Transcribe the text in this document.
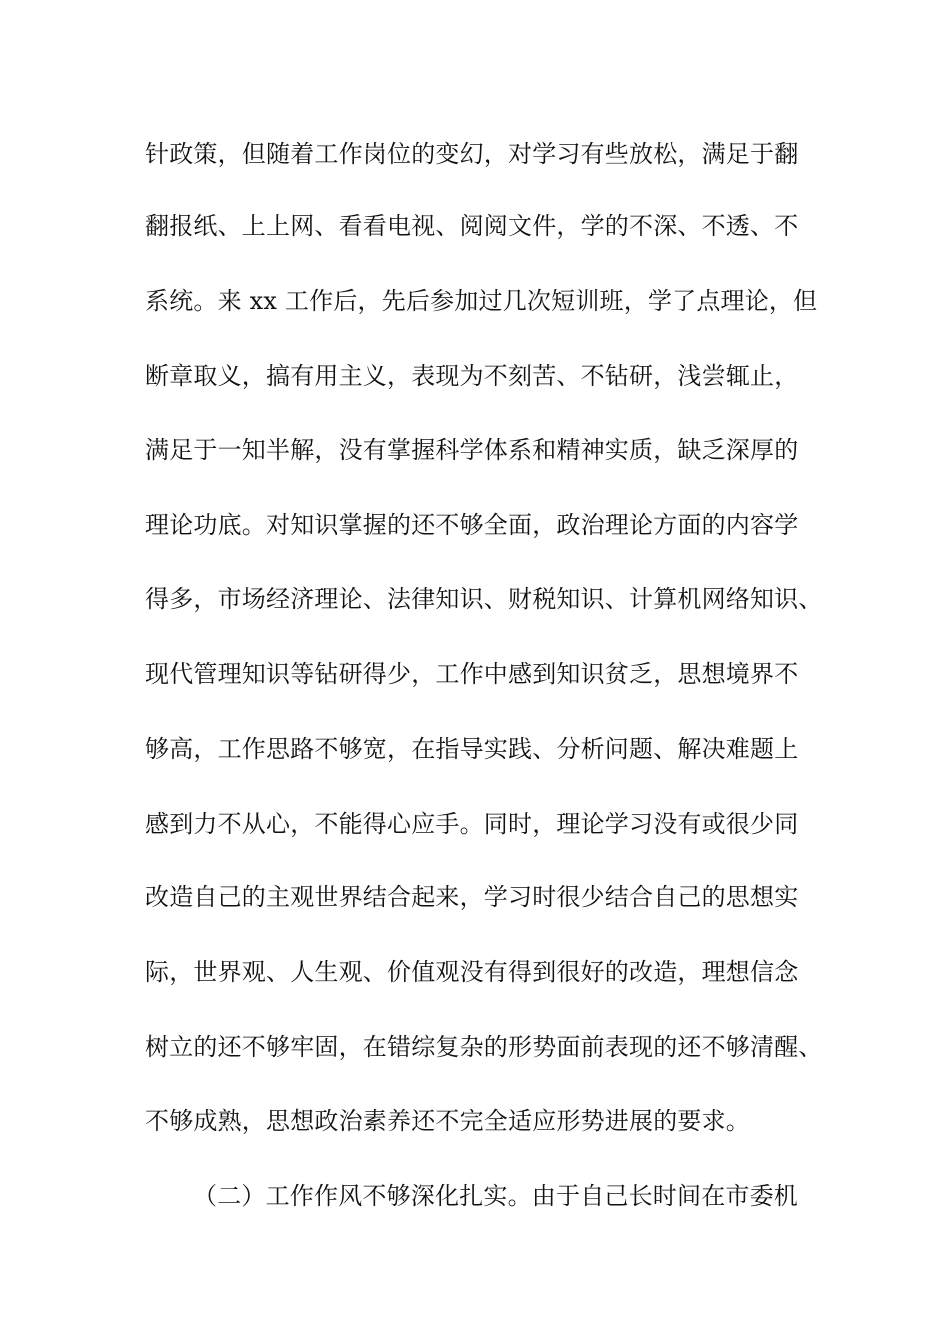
针政策，但随着工作岗位的变幻，对学习有些放松，满足于翻
翻报纸、上上网、看看电视、阅阅文件，学的不深、不透、不
系统。来 xx 工作后，先后参加过几次短训班，学了点理论，但
断章取义，搞有用主义，表现为不刻苦、不钻研，浅尝辄止，
满足于一知半解，没有掌握科学体系和精神实质，缺乏深厚的
理论功底。对知识掌握的还不够全面，政治理论方面的内容学
得多，市场经济理论、法律知识、财税知识、计算机网络知识、
现代管理知识等钻研得少，工作中感到知识贫乏，思想境界不
够高，工作思路不够宽，在指导实践、分析问题、解决难题上
感到力不从心，不能得心应手。同时，理论学习没有或很少同
改造自己的主观世界结合起来，学习时很少结合自己的思想实
际，世界观、人生观、价值观没有得到很好的改造，理想信念
树立的还不够牢固，在错综复杂的形势面前表现的还不够清醒、
不够成熟，思想政治素养还不完全适应形势进展的要求。
（二）工作作风不够深化扎实。由于自己长时间在市委机
